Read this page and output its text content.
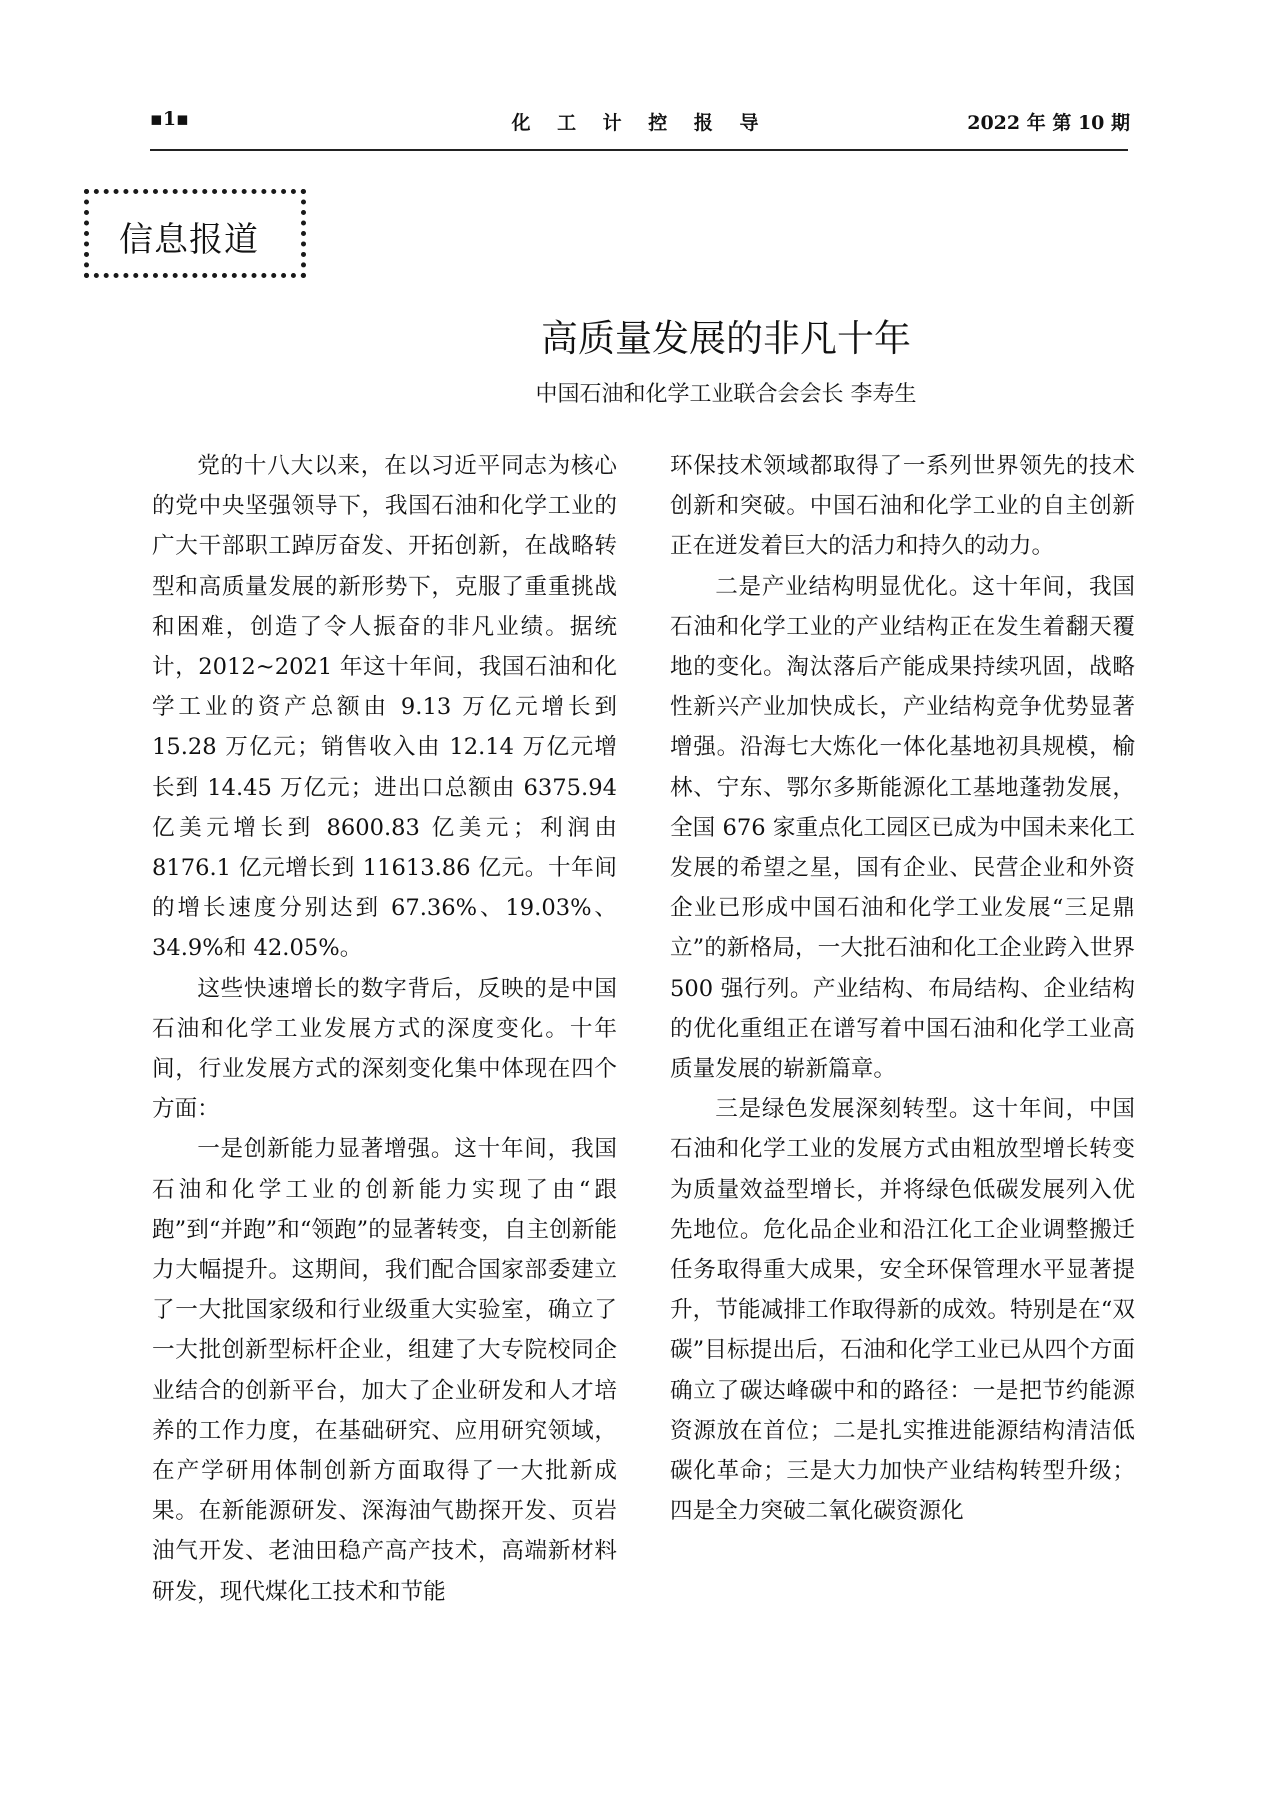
▪1▪	化 工 计 控 报 导	2022 年 第 10 期
信息报道
高质量发展的非凡十年
中国石油和化学工业联合会会长 李寿生

党的十八大以来，在以习近平同志为核心的党中央坚强领导下，我国石油和化学工业的广大干部职工踔厉奋发、开拓创新，在战略转型和高质量发展的新形势下，克服了重重挑战和困难，创造了令人振奋的非凡业绩。据统计，2012~2021 年这十年间，我国石油和化学工业的资产总额由 9.13 万亿元增长到 15.28 万亿元；销售收入由 12.14 万亿元增长到 14.45 万亿元；进出口总额由 6375.94 亿美元增长到 8600.83 亿美元；利润由 8176.1 亿元增长到 11613.86 亿元。十年间的增长速度分别达到 67.36%、19.03%、34.9%和 42.05%。

这些快速增长的数字背后，反映的是中国石油和化学工业发展方式的深度变化。十年间，行业发展方式的深刻变化集中体现在四个方面：

一是创新能力显著增强。这十年间，我国石油和化学工业的创新能力实现了由“跟跑”到“并跑”和“领跑”的显著转变，自主创新能力大幅提升。这期间，我们配合国家部委建立了一大批国家级和行业级重大实验室，确立了一大批创新型标杆企业，组建了大专院校同企业结合的创新平台，加大了企业研发和人才培养的工作力度，在基础研究、应用研究领域，在产学研用体制创新方面取得了一大批新成果。在新能源研发、深海油气勘探开发、页岩油气开发、老油田稳产高产技术，高端新材料研发，现代煤化工技术和节能

环保技术领域都取得了一系列世界领先的技术创新和突破。中国石油和化学工业的自主创新正在迸发着巨大的活力和持久的动力。

二是产业结构明显优化。这十年间，我国石油和化学工业的产业结构正在发生着翻天覆地的变化。淘汰落后产能成果持续巩固，战略性新兴产业加快成长，产业结构竞争优势显著增强。沿海七大炼化一体化基地初具规模，榆林、宁东、鄂尔多斯能源化工基地蓬勃发展，全国 676 家重点化工园区已成为中国未来化工发展的希望之星，国有企业、民营企业和外资企业已形成中国石油和化学工业发展“三足鼎立”的新格局，一大批石油和化工企业跨入世界 500 强行列。产业结构、布局结构、企业结构的优化重组正在谱写着中国石油和化学工业高质量发展的崭新篇章。

三是绿色发展深刻转型。这十年间，中国石油和化学工业的发展方式由粗放型增长转变为质量效益型增长，并将绿色低碳发展列入优先地位。危化品企业和沿江化工企业调整搬迁任务取得重大成果，安全环保管理水平显著提升，节能减排工作取得新的成效。特别是在“双碳”目标提出后，石油和化学工业已从四个方面确立了碳达峰碳中和的路径：一是把节约能源资源放在首位；二是扎实推进能源结构清洁低碳化革命；三是大力加快产业结构转型升级；四是全力突破二氧化碳资源化
